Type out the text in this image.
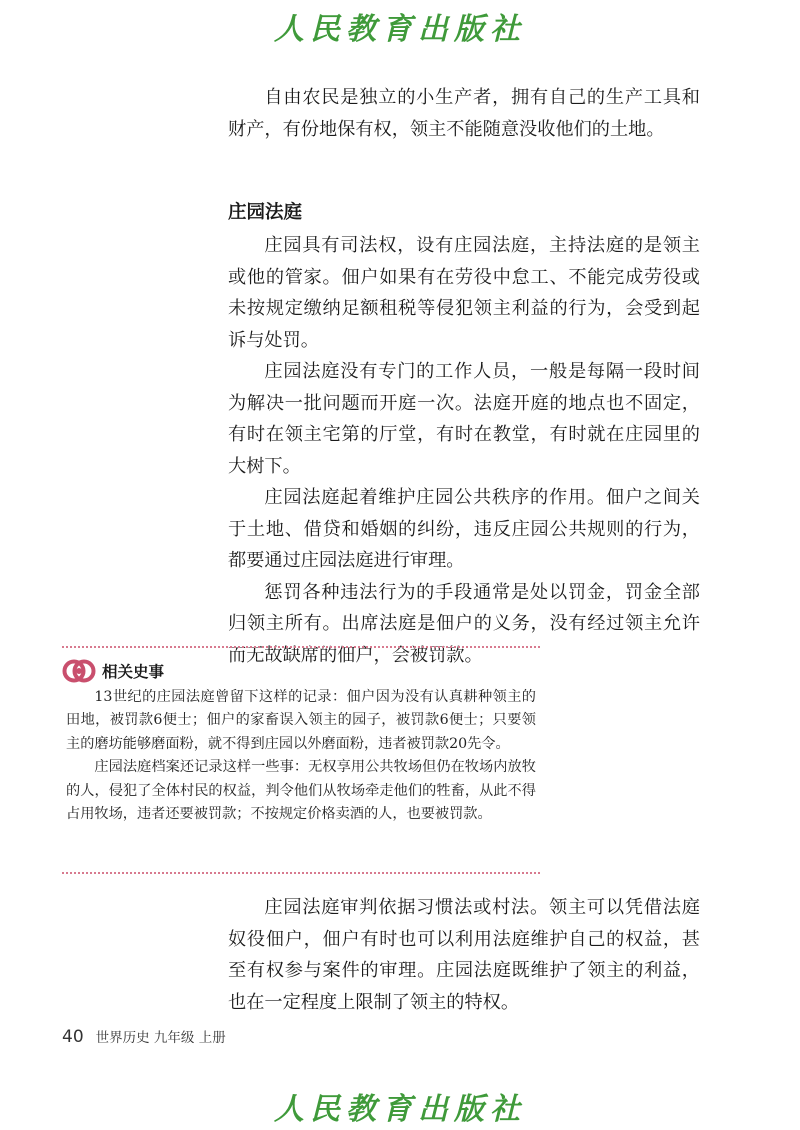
人民教育出版社

自由农民是独立的小生产者，拥有自己的生产工具和财产，有份地保有权，领主不能随意没收他们的土地。

庄园法庭

庄园具有司法权，设有庄园法庭，主持法庭的是领主或他的管家。佃户如果有在劳役中怠工、不能完成劳役或未按规定缴纳足额租税等侵犯领主利益的行为，会受到起诉与处罚。

庄园法庭没有专门的工作人员，一般是每隔一段时间为解决一批问题而开庭一次。法庭开庭的地点也不固定，有时在领主宅第的厅堂，有时在教堂，有时就在庄园里的大树下。

庄园法庭起着维护庄园公共秩序的作用。佃户之间关于土地、借贷和婚姻的纠纷，违反庄园公共规则的行为，都要通过庄园法庭进行审理。

惩罚各种违法行为的手段通常是处以罚金，罚金全部归领主所有。出席法庭是佃户的义务，没有经过领主允许而无故缺席的佃户，会被罚款。

相关史事

13世纪的庄园法庭曾留下这样的记录：佃户因为没有认真耕种领主的田地，被罚款6便士；佃户的家畜误入领主的园子，被罚款6便士；只要领主的磨坊能够磨面粉，就不得到庄园以外磨面粉，违者被罚款20先令。

庄园法庭档案还记录这样一些事：无权享用公共牧场但仍在牧场内放牧的人，侵犯了全体村民的权益，判令他们从牧场牵走他们的牲畜，从此不得占用牧场，违者还要被罚款；不按规定价格卖酒的人，也要被罚款。

庄园法庭审判依据习惯法或村法。领主可以凭借法庭奴役佃户，佃户有时也可以利用法庭维护自己的权益，甚至有权参与案件的审理。庄园法庭既维护了领主的利益，也在一定程度上限制了领主的特权。

40 世界历史 九年级 上册
人民教育出版社
